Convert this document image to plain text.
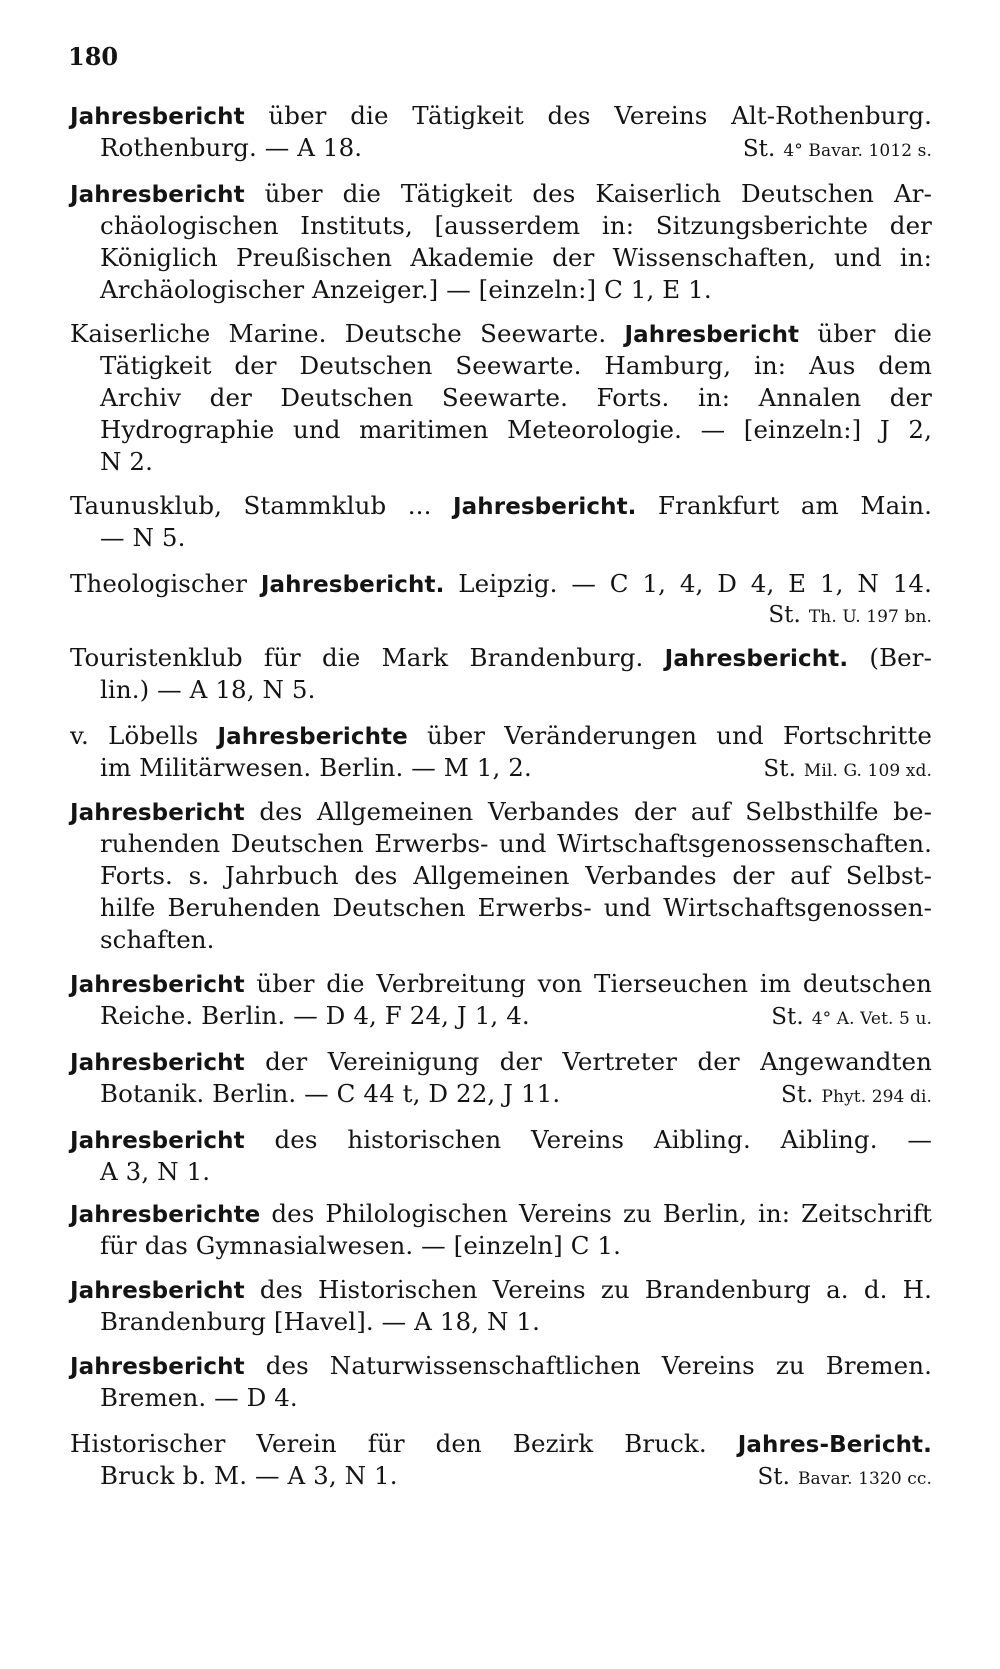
180
Jahresbericht über die Tätigkeit des Vereins Alt-Rothenburg.
Rothenburg. — A 18.	St. 4° Bavar. 1012 s.
Jahresbericht über die Tätigkeit des Kaiserlich Deutschen Ar-
chäologischen Instituts, [ausserdem in: Sitzungsberichte der
Königlich Preußischen Akademie der Wissenschaften, und in:
Archäologischer Anzeiger.] — [einzeln:] C 1, E 1.
Kaiserliche Marine. Deutsche Seewarte. Jahresbericht über die
Tätigkeit der Deutschen Seewarte. Hamburg, in: Aus dem
Archiv der Deutschen Seewarte. Forts. in: Annalen der
Hydrographie und maritimen Meteorologie. — [einzeln:] J 2,
N 2.
Taunusklub, Stammklub ... Jahresbericht. Frankfurt am Main.
— N 5.
Theologischer Jahresbericht. Leipzig. — C 1, 4, D 4, E 1, N 14.
St. Th. U. 197 bn.
Touristenklub für die Mark Brandenburg. Jahresbericht. (Ber-
lin.) — A 18, N 5.
v. Löbells Jahresberichte über Veränderungen und Fortschritte
im Militärwesen. Berlin. — M 1, 2.	St. Mil. G. 109 xd.
Jahresbericht des Allgemeinen Verbandes der auf Selbsthilfe be-
ruhenden Deutschen Erwerbs- und Wirtschaftsgenossenschaften.
Forts. s. Jahrbuch des Allgemeinen Verbandes der auf Selbst-
hilfe Beruhenden Deutschen Erwerbs- und Wirtschaftsgenossen-
schaften.
Jahresbericht über die Verbreitung von Tierseuchen im deutschen
Reiche. Berlin. — D 4, F 24, J 1, 4.	St. 4° A. Vet. 5 u.
Jahresbericht der Vereinigung der Vertreter der Angewandten
Botanik. Berlin. — C 44 t, D 22, J 11.	St. Phyt. 294 di.
Jahresbericht des historischen Vereins Aibling. Aibling. —
A 3, N 1.
Jahresberichte des Philologischen Vereins zu Berlin, in: Zeitschrift
für das Gymnasialwesen. — [einzeln] C 1.
Jahresbericht des Historischen Vereins zu Brandenburg a. d. H.
Brandenburg [Havel]. — A 18, N 1.
Jahresbericht des Naturwissenschaftlichen Vereins zu Bremen.
Bremen. — D 4.
Historischer Verein für den Bezirk Bruck. Jahres-Bericht.
Bruck b. M. — A 3, N 1.	St. Bavar. 1320 cc.
